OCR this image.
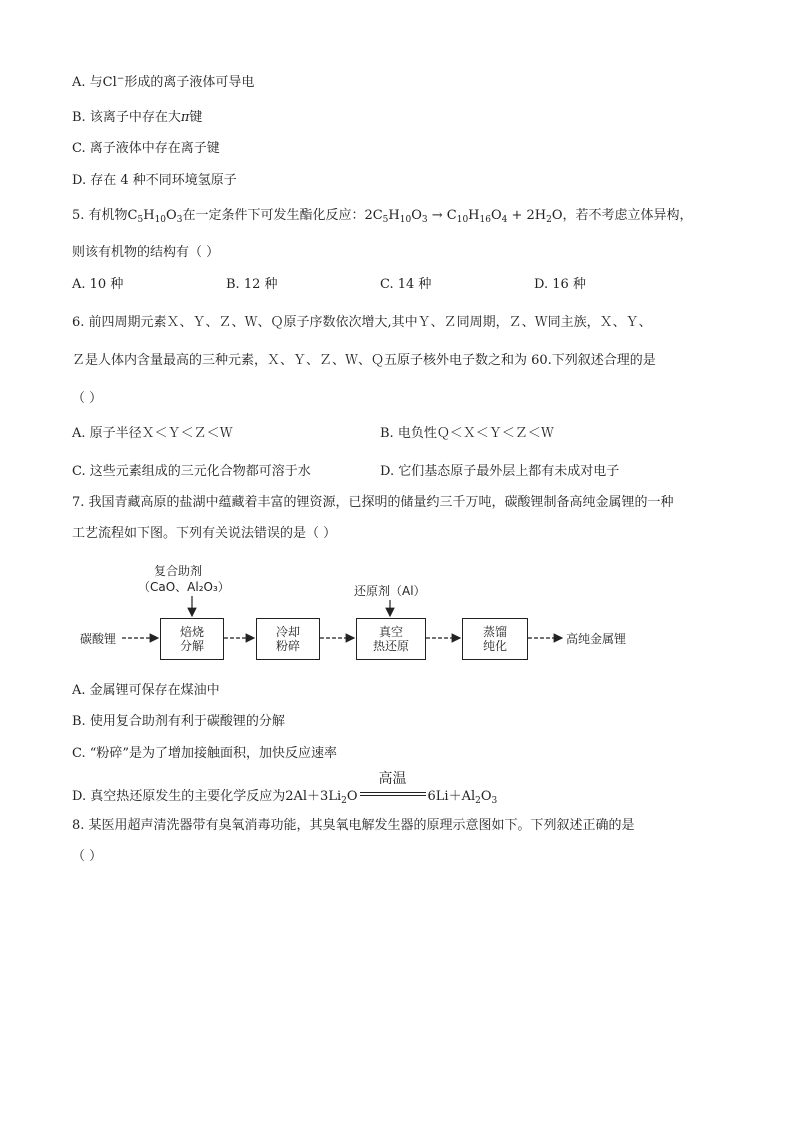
A. 与Cl−形成的离子液体可导电
B. 该离子中存在大π键
C. 离子液体中存在离子键
D. 存在 4 种不同环境氢原子
5. 有机物$C_5H_{10}O_3$在一定条件下可发生酯化反应：$2C_5H_{10}O_3 \to C_{10}H_{16}O_4 + 2H_2O$，若不考虑立体异构，
则该有机物的结构有（ ）
A. 10 种	B. 12 种	C. 14 种	D. 16 种
6. 前四周期元素Ｘ、Ｙ、Ｚ、Ｗ、Ｑ原子序数依次增大,其中Ｙ、Ｚ同周期，Ｚ、Ｗ同主族，Ｘ、Ｙ、
Ｚ是人体内含量最高的三种元素，Ｘ、Ｙ、Ｚ、Ｗ、Ｑ五原子核外电子数之和为 60.下列叙述合理的是
（ ）
A. 原子半径Ｘ＜Ｙ＜Ｚ＜Ｗ	B. 电负性Ｑ＜Ｘ＜Ｙ＜Ｚ＜Ｗ
C. 这些元素组成的三元化合物都可溶于水	D. 它们基态原子最外层上都有未成对电子
7. 我国青藏高原的盐湖中蕴藏着丰富的锂资源，已探明的储量约三千万吨，碳酸锂制备高纯金属锂的一种
工艺流程如下图。下列有关说法错误的是（ ）
复合助剂
（CaO、Al₂O₃）	还原剂（Al）
碳酸锂	焙烧
分解
冷却
粉碎
真空
热还原
蒸馏
纯化	高纯金属锂
A. 金属锂可保存在煤油中
B. 使用复合助剂有利于碳酸锂的分解
C. “粉碎”是为了增加接触面积，加快反应速率
D. 真空热还原发生的主要化学反应为$2Al+3Li_2O$
高温
$6Li+Al_2O_3$
8. 某医用超声清洗器带有臭氧消毒功能，其臭氧电解发生器的原理示意图如下。下列叙述正确的是
（ ）
